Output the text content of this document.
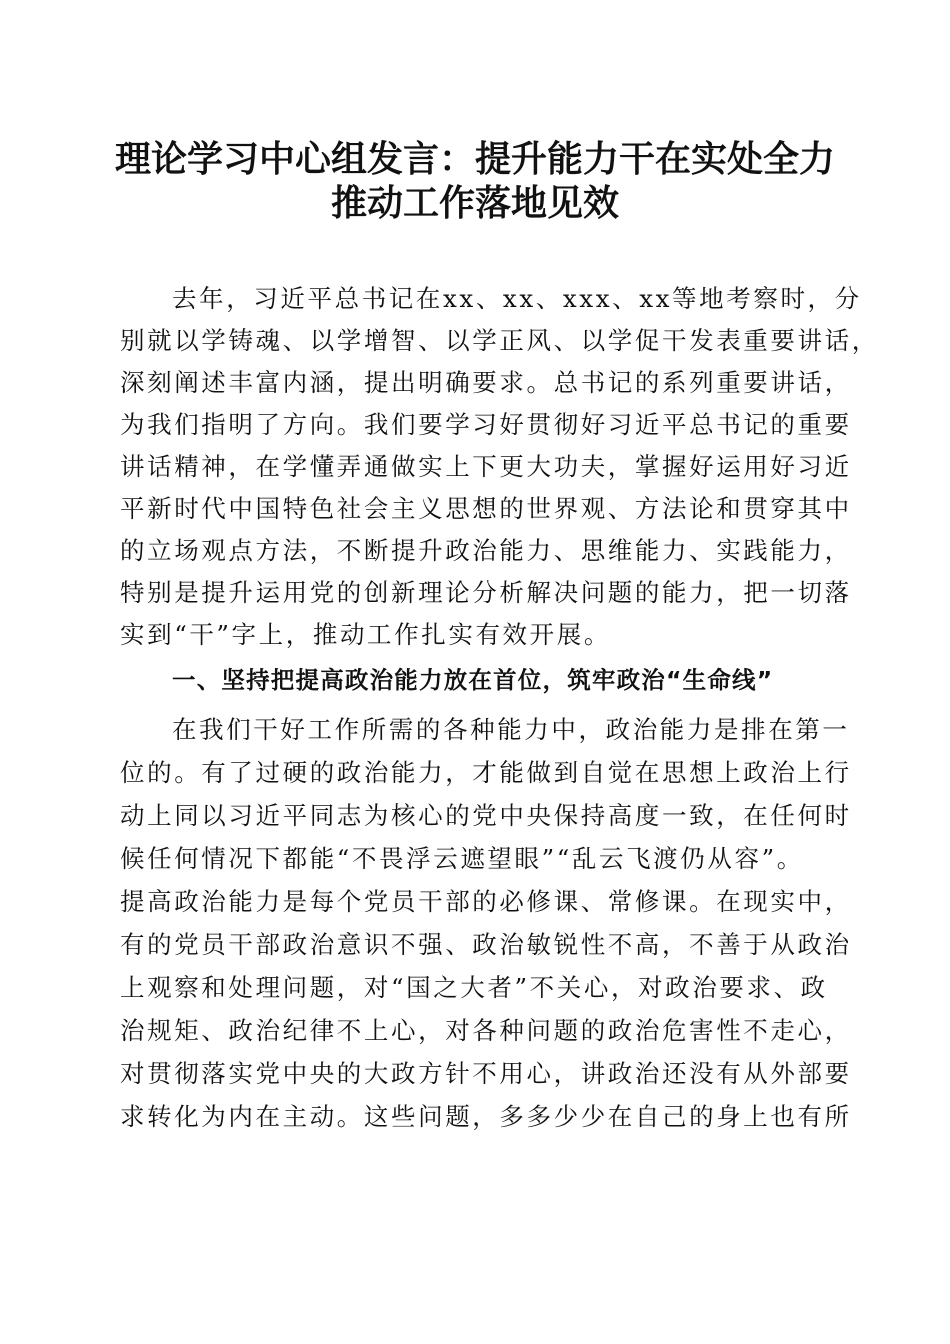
理论学习中心组发言：提升能力干在实处全力
推动工作落地见效
去年，习近平总书记在xx、xx、xxx、xx等地考察时，分
别就以学铸魂、以学增智、以学正风、以学促干发表重要讲话，
深刻阐述丰富内涵，提出明确要求。总书记的系列重要讲话，
为我们指明了方向。我们要学习好贯彻好习近平总书记的重要
讲话精神，在学懂弄通做实上下更大功夫，掌握好运用好习近
平新时代中国特色社会主义思想的世界观、方法论和贯穿其中
的立场观点方法，不断提升政治能力、思维能力、实践能力，
特别是提升运用党的创新理论分析解决问题的能力，把一切落
实到“干”字上，推动工作扎实有效开展。
一、坚持把提高政治能力放在首位，筑牢政治“生命线”
在我们干好工作所需的各种能力中，政治能力是排在第一
位的。有了过硬的政治能力，才能做到自觉在思想上政治上行
动上同以习近平同志为核心的党中央保持高度一致，在任何时
候任何情况下都能“不畏浮云遮望眼”“乱云飞渡仍从容”。
提高政治能力是每个党员干部的必修课、常修课。在现实中，
有的党员干部政治意识不强、政治敏锐性不高，不善于从政治
上观察和处理问题，对“国之大者”不关心，对政治要求、政
治规矩、政治纪律不上心，对各种问题的政治危害性不走心，
对贯彻落实党中央的大政方针不用心，讲政治还没有从外部要
求转化为内在主动。这些问题，多多少少在自己的身上也有所
